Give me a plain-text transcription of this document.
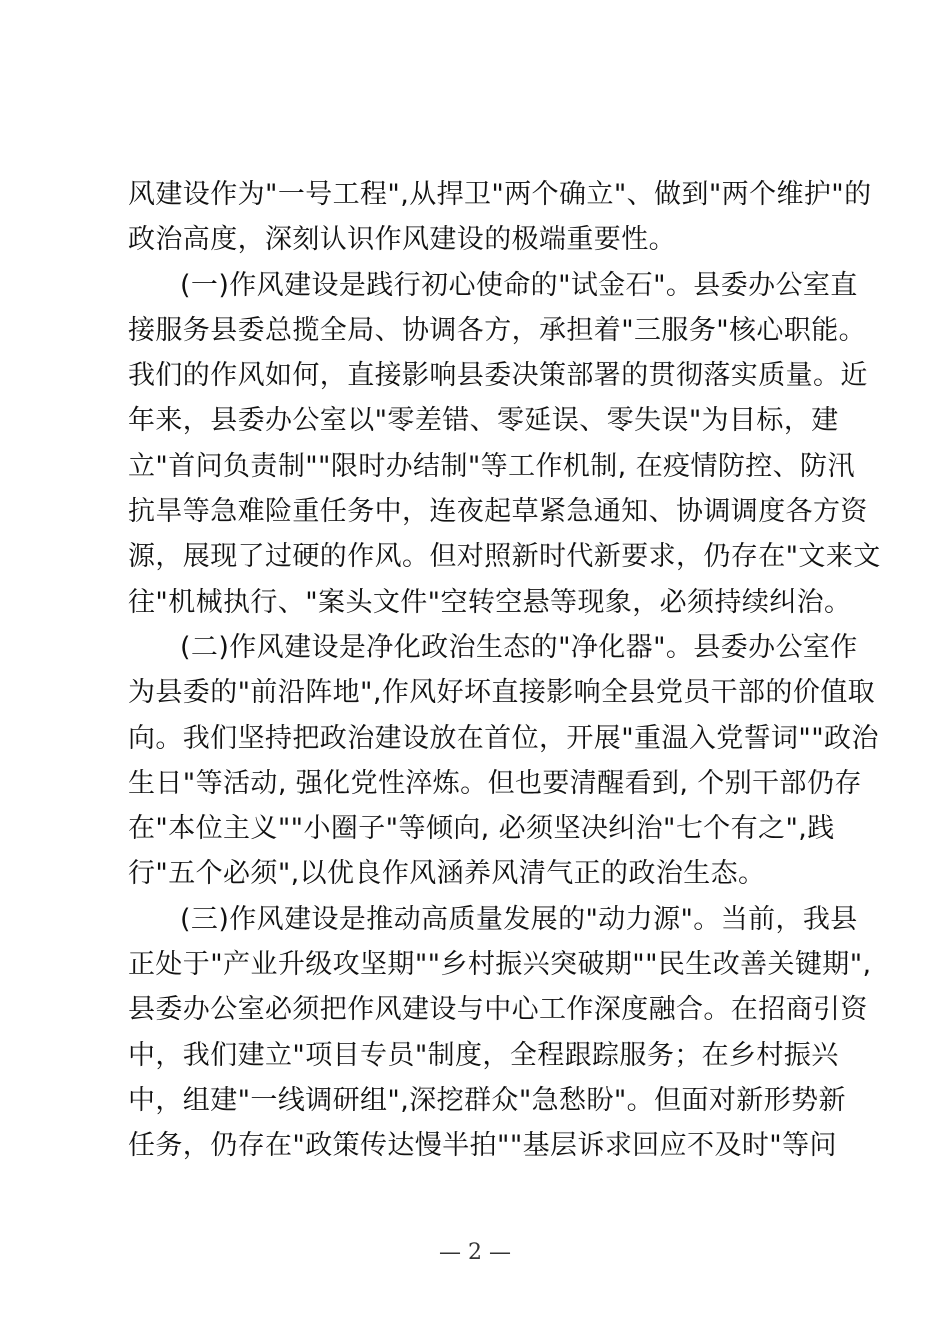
风建设作为"一号工程",从捍卫"两个确立"、做到"两个维护"的
政治高度，深刻认识作风建设的极端重要性。
(一)作风建设是践行初心使命的"试金石"。县委办公室直
接服务县委总揽全局、协调各方，承担着"三服务"核心职能。
我们的作风如何，直接影响县委决策部署的贯彻落实质量。近
年来，县委办公室以"零差错、零延误、零失误"为目标，建
立"首问负责制""限时办结制"等工作机制, 在疫情防控、防汛
抗旱等急难险重任务中，连夜起草紧急通知、协调调度各方资
源，展现了过硬的作风。但对照新时代新要求，仍存在"文来文
往"机械执行、"案头文件"空转空悬等现象，必须持续纠治。
(二)作风建设是净化政治生态的"净化器"。县委办公室作
为县委的"前沿阵地",作风好坏直接影响全县党员干部的价值取
向。我们坚持把政治建设放在首位，开展"重温入党誓词""政治
生日"等活动, 强化党性淬炼。但也要清醒看到, 个别干部仍存
在"本位主义""小圈子"等倾向, 必须坚决纠治"七个有之",践
行"五个必须",以优良作风涵养风清气正的政治生态。
(三)作风建设是推动高质量发展的"动力源"。当前，我县
正处于"产业升级攻坚期""乡村振兴突破期""民生改善关键期",
县委办公室必须把作风建设与中心工作深度融合。在招商引资
中，我们建立"项目专员"制度，全程跟踪服务；在乡村振兴
中，组建"一线调研组",深挖群众"急愁盼"。但面对新形势新
任务，仍存在"政策传达慢半拍""基层诉求回应不及时"等问
— 2 —
